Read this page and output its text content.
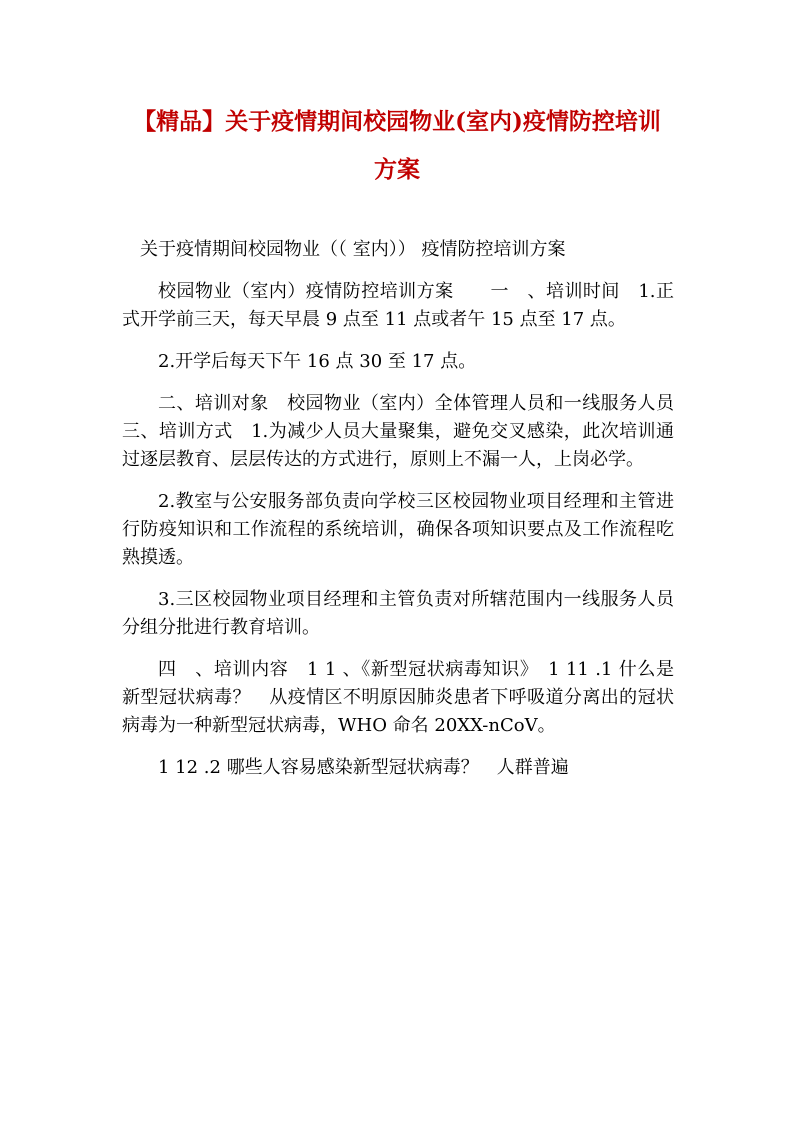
【精品】关于疫情期间校园物业(室内)疫情防控培训
方案

关于疫情期间校园物业（（ 室内）） 疫情防控培训方案

校园物业（室内）疫情防控培训方案　　一　、培训时间　1.正式开学前三天，每天早晨 9 点至 11 点或者午 15 点至 17 点。

2.开学后每天下午 16 点 30 至 17 点。

二、培训对象　校园物业（室内）全体管理人员和一线服务人员　三、培训方式　1.为减少人员大量聚集，避免交叉感染，此次培训通过逐层教育、层层传达的方式进行，原则上不漏一人，上岗必学。

2.教室与公安服务部负责向学校三区校园物业项目经理和主管进行防疫知识和工作流程的系统培训，确保各项知识要点及工作流程吃熟摸透。

3.三区校园物业项目经理和主管负责对所辖范围内一线服务人员分组分批进行教育培训。

四　、培训内容　1 1 、《新型冠状病毒知识》　1 11 .1 什么是新型冠状病毒？　从疫情区不明原因肺炎患者下呼吸道分离出的冠状病毒为一种新型冠状病毒，WHO 命名 20XX-nCoV。

1 12 .2 哪些人容易感染新型冠状病毒？　人群普遍
